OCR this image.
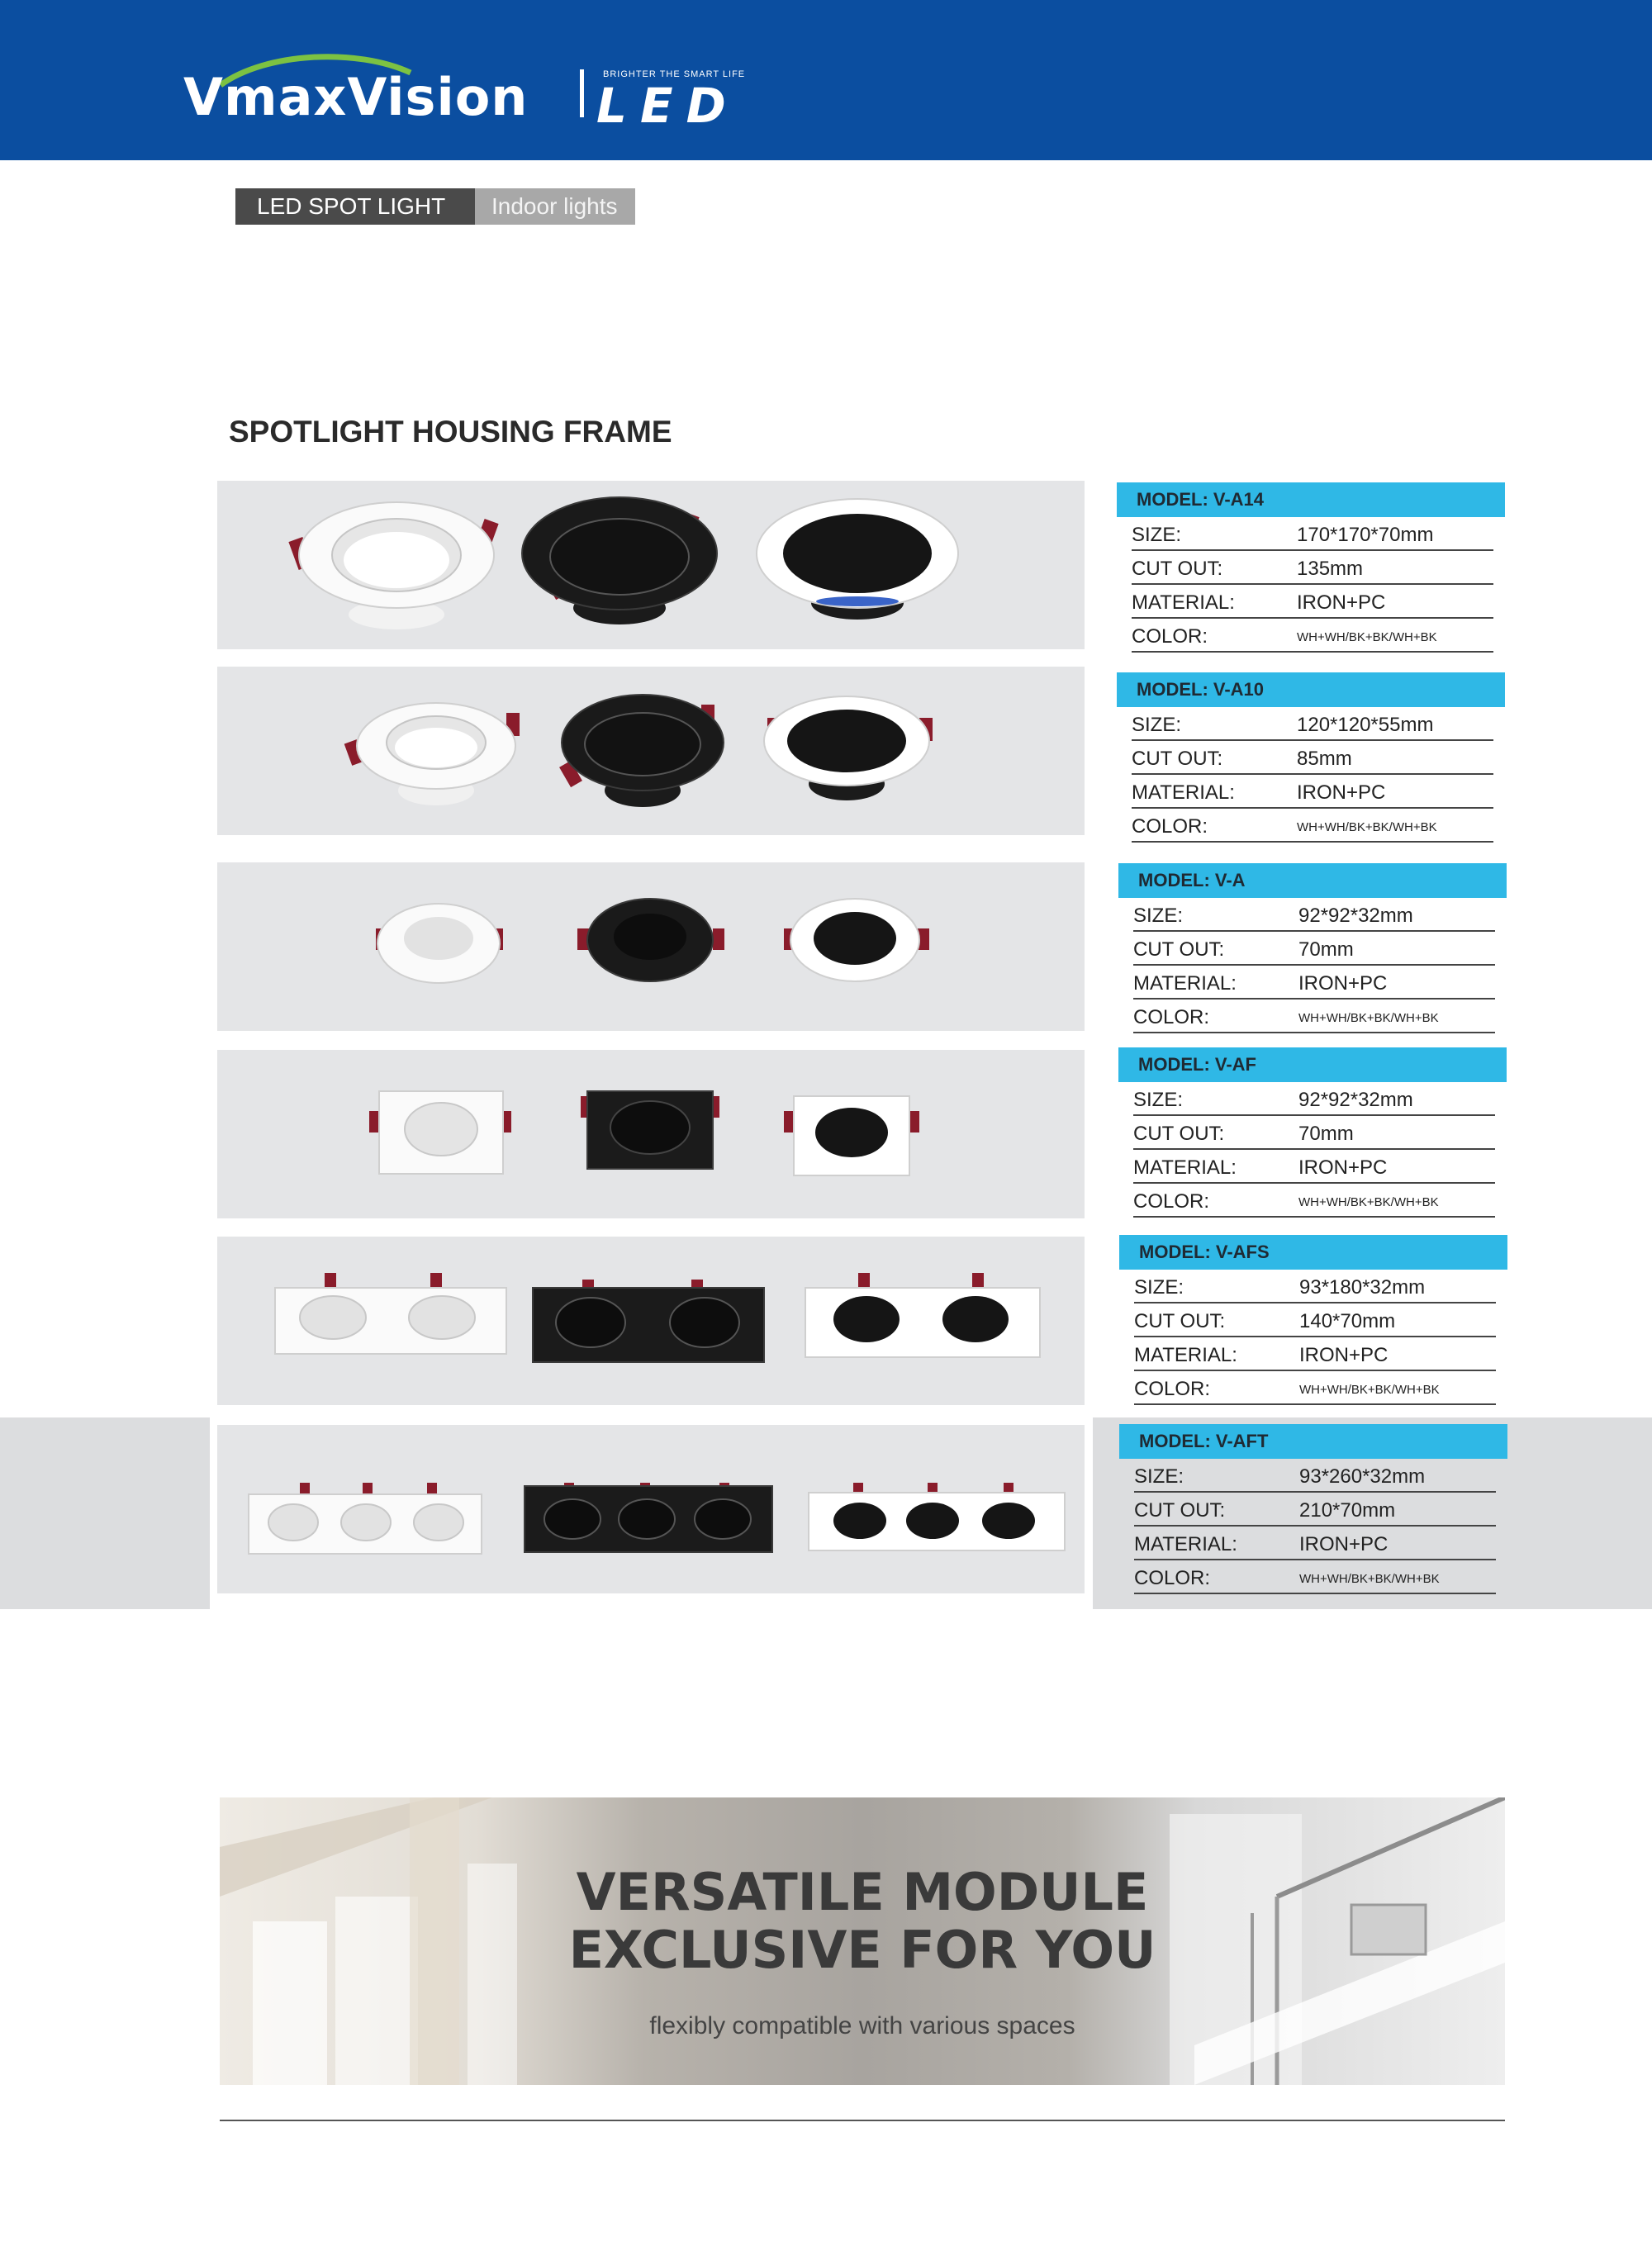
VmaxVision	BRIGHTER THE SMART LIFE
LED
LED SPOT LIGHT	Indoor lights
SPOTLIGHT HOUSING FRAME
MODEL: V-A14
SIZE:	170*170*70mm
CUT OUT:	135mm
MATERIAL:	IRON+PC
COLOR:	WH+WH/BK+BK/WH+BK
MODEL: V-A10
SIZE:	120*120*55mm
CUT OUT:	85mm
MATERIAL:	IRON+PC
COLOR:	WH+WH/BK+BK/WH+BK
MODEL: V-A
SIZE:	92*92*32mm
CUT OUT:	70mm
MATERIAL:	IRON+PC
COLOR:	WH+WH/BK+BK/WH+BK
MODEL: V-AF
SIZE:	92*92*32mm
CUT OUT:	70mm
MATERIAL:	IRON+PC
COLOR:	WH+WH/BK+BK/WH+BK
MODEL: V-AFS
SIZE:	93*180*32mm
CUT OUT:	140*70mm
MATERIAL:	IRON+PC
COLOR:	WH+WH/BK+BK/WH+BK
MODEL: V-AFT
SIZE:	93*260*32mm
CUT OUT:	210*70mm
MATERIAL:	IRON+PC
COLOR:	WH+WH/BK+BK/WH+BK
VERSATILE MODULE
EXCLUSIVE FOR YOU
flexibly compatible with various spaces
